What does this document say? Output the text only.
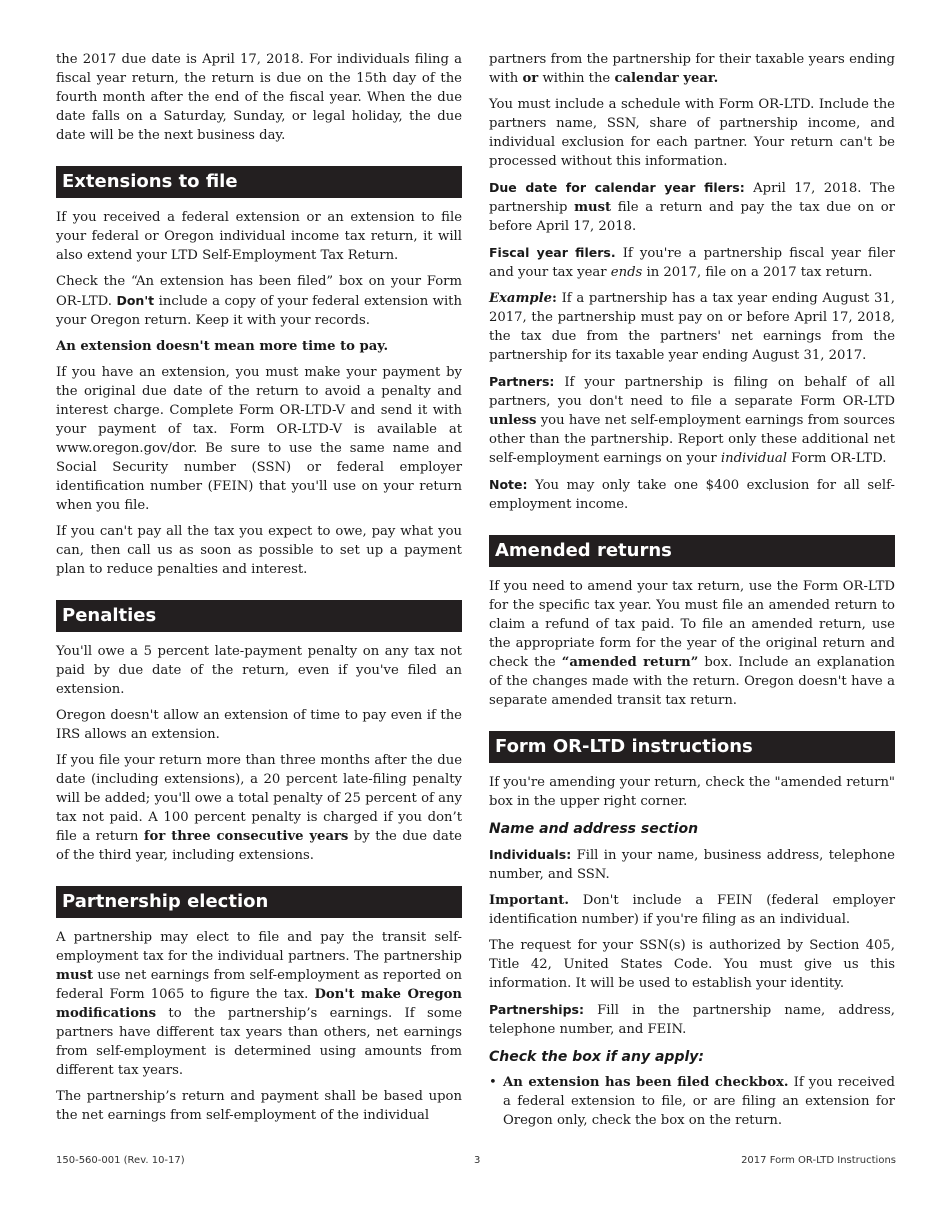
the 2017 due date is April 17, 2018. For individuals filing a fiscal year return, the return is due on the 15th day of the fourth month after the end of the fiscal year. When the due date falls on a Saturday, Sunday, or legal holiday, the due date will be the next business day.

Extensions to file

If you received a federal extension or an extension to file your federal or Oregon individual income tax return, it will also extend your LTD Self-Employment Tax Return.

Check the “An extension has been filed” box on your Form OR-LTD. Don't include a copy of your federal extension with your Oregon return. Keep it with your records.

An extension doesn't mean more time to pay.

If you have an extension, you must make your payment by the original due date of the return to avoid a penalty and interest charge. Complete Form OR-LTD-V and send it with your payment of tax. Form OR-LTD-V is available at www.oregon.gov/dor. Be sure to use the same name and Social Security number (SSN) or federal employer identification number (FEIN) that you'll use on your return when you file.

If you can't pay all the tax you expect to owe, pay what you can, then call us as soon as possible to set up a payment plan to reduce penalties and interest.

Penalties

You'll owe a 5 percent late-payment penalty on any tax not paid by due date of the return, even if you've filed an extension.

Oregon doesn't allow an extension of time to pay even if the IRS allows an extension.

If you file your return more than three months after the due date (including extensions), a 20 percent late-filing penalty will be added; you'll owe a total penalty of 25 percent of any tax not paid. A 100 percent penalty is charged if you don’t file a return for three consecutive years by the due date of the third year, including extensions.

Partnership election

A partnership may elect to file and pay the transit self-employment tax for the individual partners. The partnership must use net earnings from self-employment as reported on federal Form 1065 to figure the tax. Don't make Oregon modifications to the partnership’s earnings. If some partners have different tax years than others, net earnings from self-employment is determined using amounts from different tax years.

The partnership’s return and payment shall be based upon the net earnings from self-employment of the individual

partners from the partnership for their taxable years ending with or within the calendar year.

You must include a schedule with Form OR-LTD. Include the partners name, SSN, share of partnership income, and individual exclusion for each partner. Your return can't be processed without this information.

Due date for calendar year filers: April 17, 2018. The partnership must file a return and pay the tax due on or before April 17, 2018.

Fiscal year filers. If you're a partnership fiscal year filer and your tax year ends in 2017, file on a 2017 tax return.

Example: If a partnership has a tax year ending August 31, 2017, the partnership must pay on or before April 17, 2018, the tax due from the partners' net earnings from the partnership for its taxable year ending August 31, 2017.

Partners: If your partnership is filing on behalf of all partners, you don't need to file a separate Form OR-LTD unless you have net self-employment earnings from sources other than the partnership. Report only these additional net self-employment earnings on your individual Form OR-LTD.

Note: You may only take one $400 exclusion for all self-employment income.

Amended returns

If you need to amend your tax return, use the Form OR-LTD for the specific tax year. You must file an amended return to claim a refund of tax paid. To file an amended return, use the appropriate form for the year of the original return and check the “amended return” box. Include an explanation of the changes made with the return. Oregon doesn't have a separate amended transit tax return.

Form OR-LTD instructions

If you're amending your return, check the "amended return" box in the upper right corner.

Name and address section

Individuals: Fill in your name, business address, telephone number, and SSN.

Important. Don't include a FEIN (federal employer identification number) if you're filing as an individual.

The request for your SSN(s) is authorized by Section 405, Title 42, United States Code. You must give us this information. It will be used to establish your identity.

Partnerships: Fill in the partnership name, address, telephone number, and FEIN.

Check the box if any apply:
• An extension has been filed checkbox. If you received a federal extension to file, or are filing an extension for Oregon only, check the box on the return.

150-560-001 (Rev. 10-17)	3	2017 Form OR-LTD Instructions
